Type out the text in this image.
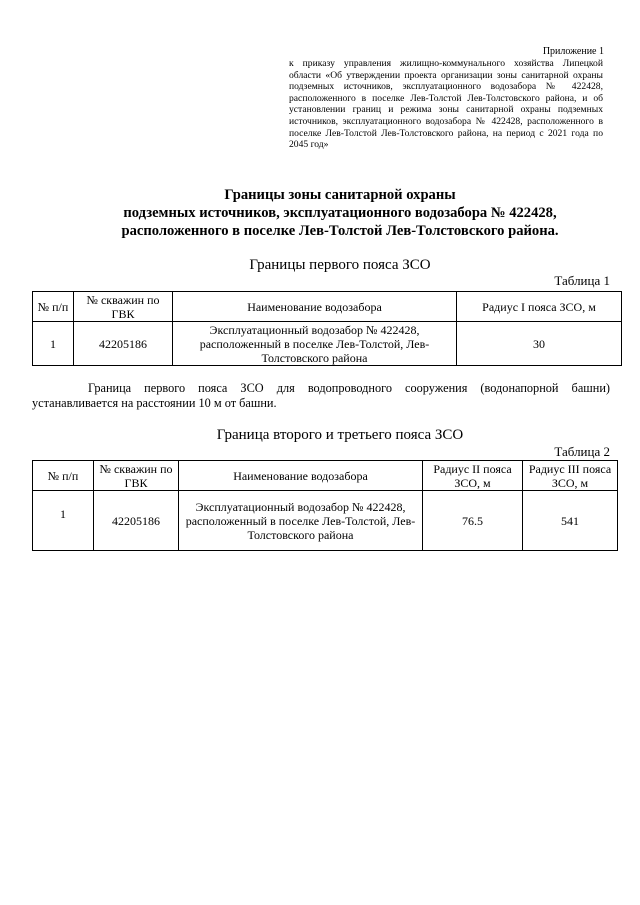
Приложение 1
к приказу управления жилищно-коммунального хозяйства Липецкой области «Об утверждении проекта организации зоны санитарной охраны подземных источников, эксплуатационного водозабора № 422428, расположенного в поселке Лев-Толстой Лев-Толстовского района, и об установлении границ и режима зоны санитарной охраны подземных источников, эксплуатационного водозабора № 422428, расположенного в поселке Лев-Толстой Лев-Толстовского района, на период с 2021 года по 2045 год»
Границы зоны санитарной охраны
подземных источников, эксплуатационного водозабора № 422428,
расположенного в поселке Лев-Толстой Лев-Толстовского района.
Границы первого пояса ЗСО
Таблица 1
№ п/п	№ скважин по ГВК	Наименование водозабора	Радиус I пояса ЗСО, м
1	42205186	Эксплуатационный водозабор № 422428, расположенный в поселке Лев-Толстой, Лев-Толстовского района	30
Граница первого пояса ЗСО для водопроводного сооружения (водонапорной башни) устанавливается на расстоянии 10 м от башни.
Граница второго и третьего пояса ЗСО
Таблица 2
№ п/п	№ скважин по ГВК	Наименование водозабора	Радиус II пояса ЗСО, м	Радиус III пояса ЗСО, м
1	42205186	Эксплуатационный водозабор № 422428, расположенный в поселке Лев-Толстой, Лев-Толстовского района	76.5	541
